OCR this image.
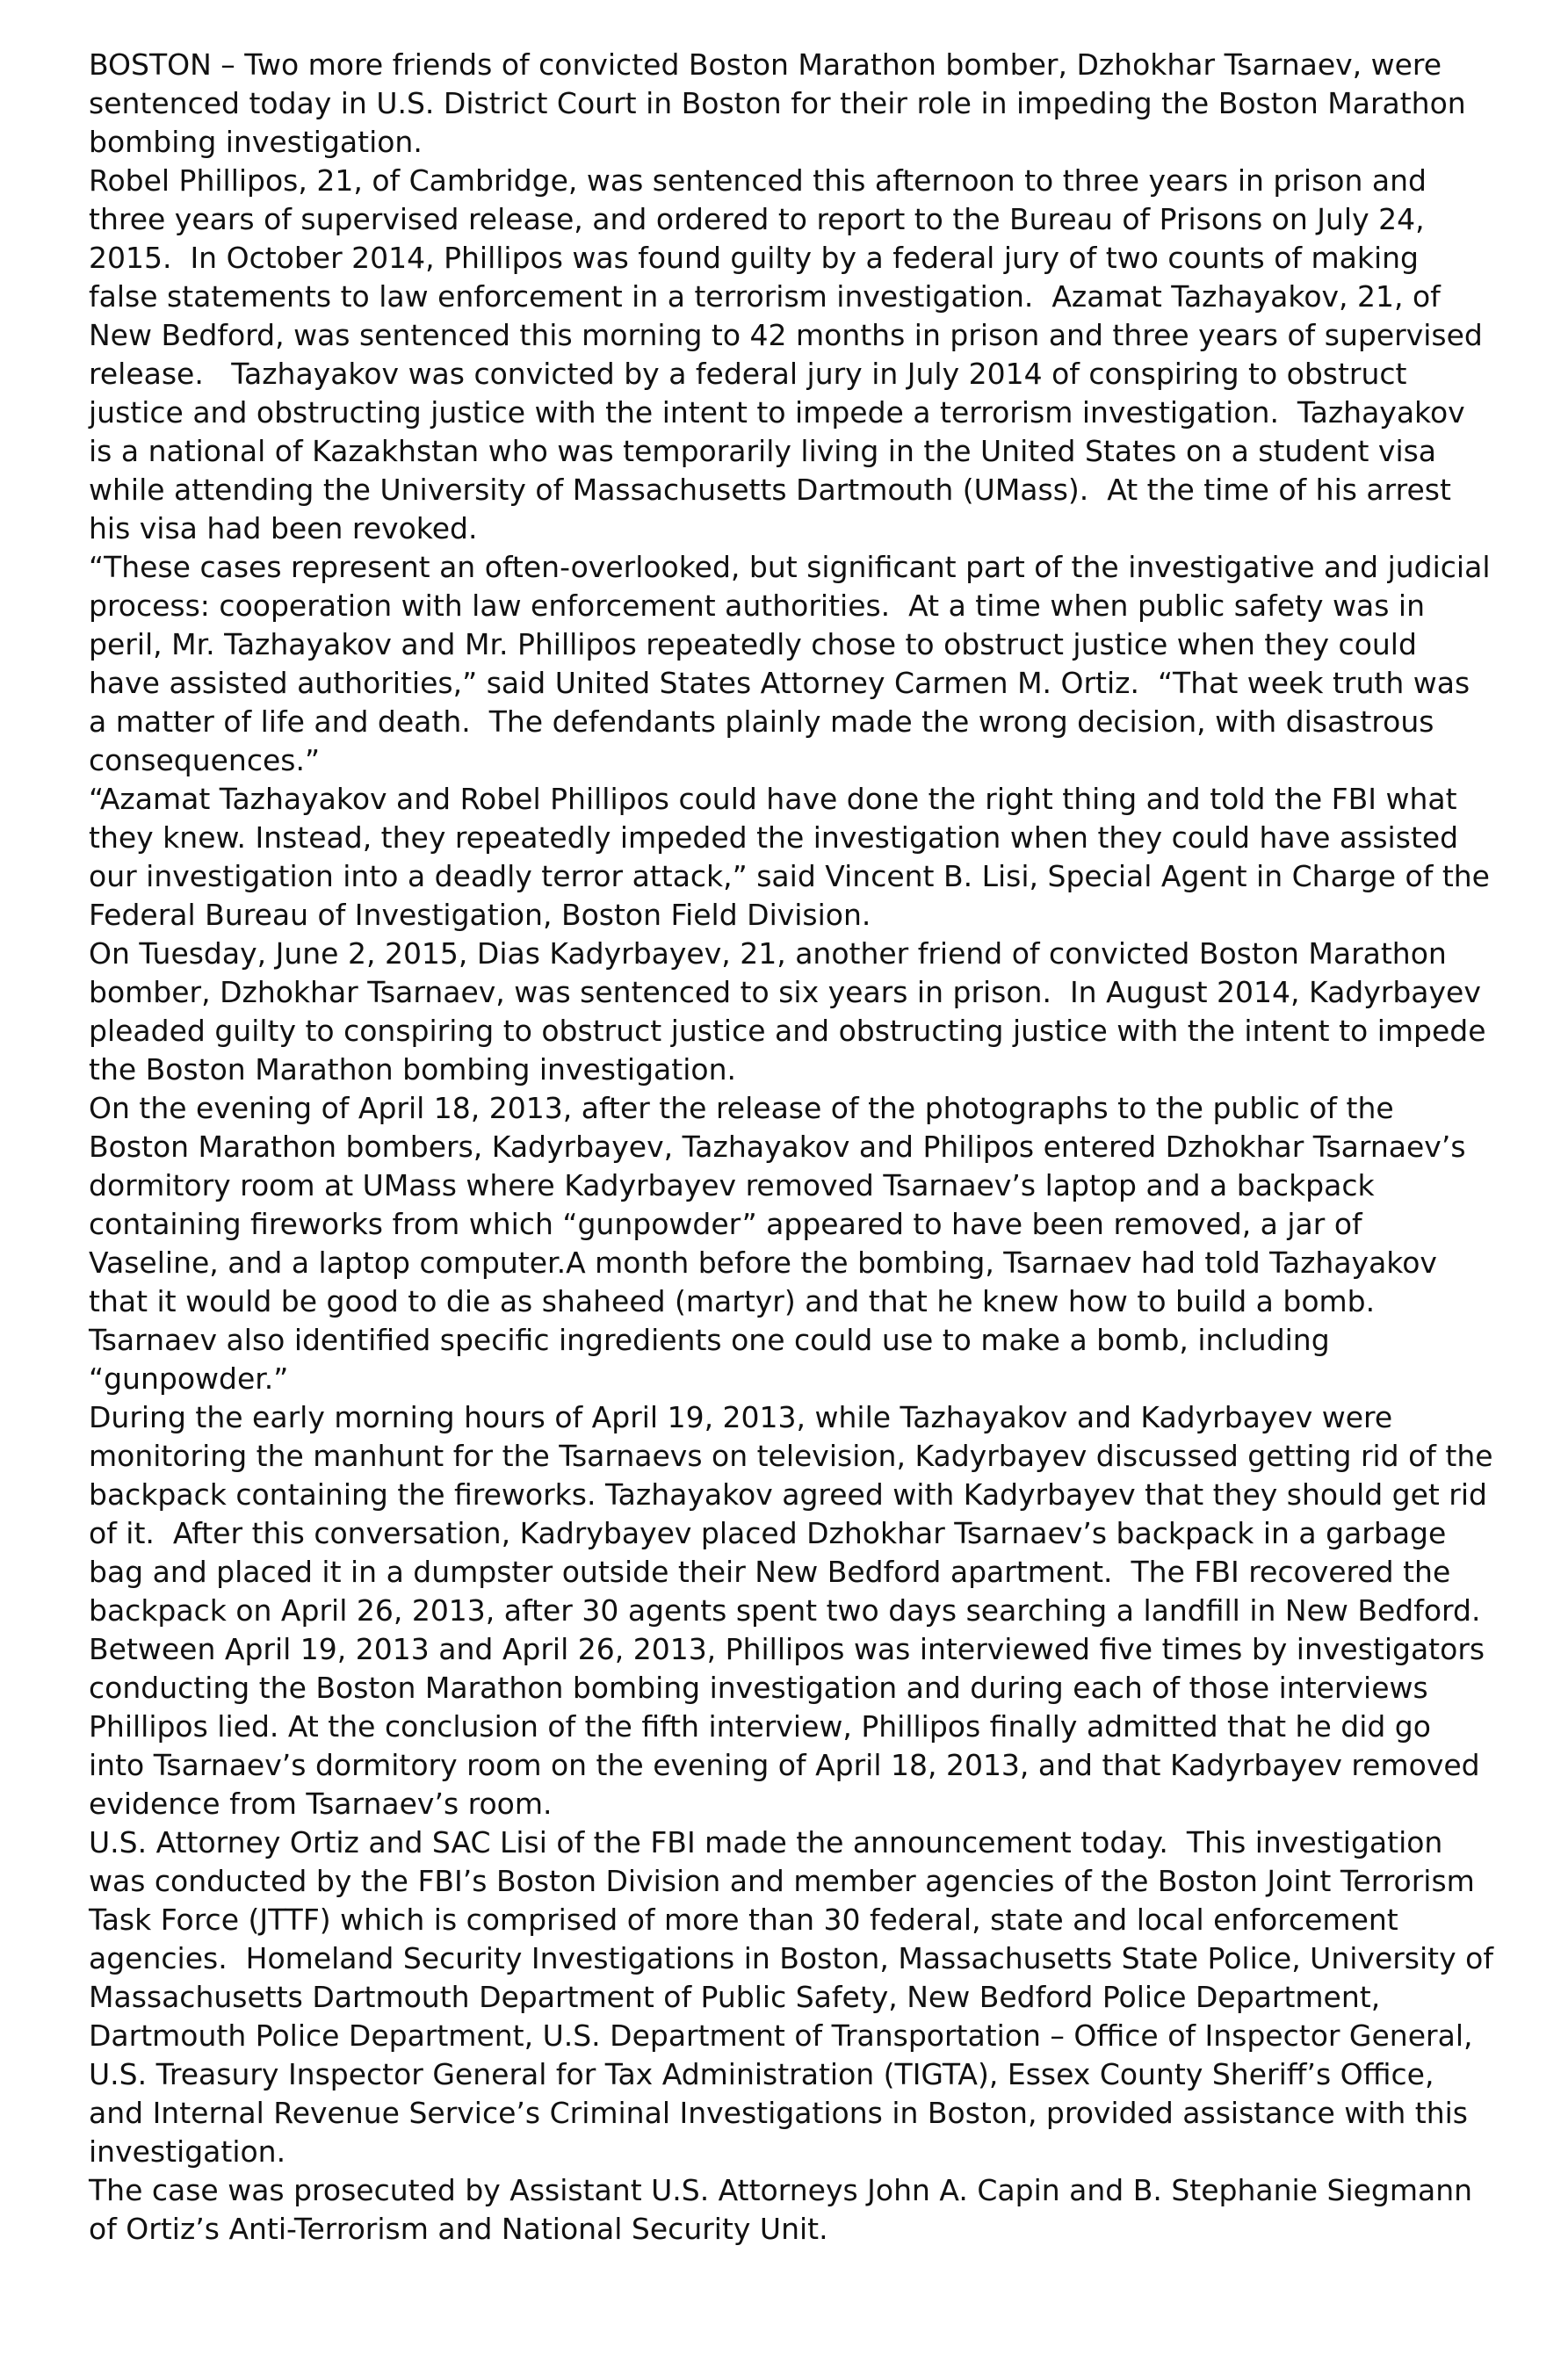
BOSTON – Two more friends of convicted Boston Marathon bomber, Dzhokhar Tsarnaev, were sentenced today in U.S. District Court in Boston for their role in impeding the Boston Marathon bombing investigation.

Robel Phillipos, 21, of Cambridge, was sentenced this afternoon to three years in prison and three years of supervised release, and ordered to report to the Bureau of Prisons on July 24, 2015.  In October 2014, Phillipos was found guilty by a federal jury of two counts of making false statements to law enforcement in a terrorism investigation.  Azamat Tazhayakov, 21, of New Bedford, was sentenced this morning to 42 months in prison and three years of supervised release.   Tazhayakov was convicted by a federal jury in July 2014 of conspiring to obstruct justice and obstructing justice with the intent to impede a terrorism investigation.  Tazhayakov is a national of Kazakhstan who was temporarily living in the United States on a student visa while attending the University of Massachusetts Dartmouth (UMass).  At the time of his arrest his visa had been revoked.

“These cases represent an often-overlooked, but significant part of the investigative and judicial process: cooperation with law enforcement authorities.  At a time when public safety was in peril, Mr. Tazhayakov and Mr. Phillipos repeatedly chose to obstruct justice when they could have assisted authorities,” said United States Attorney Carmen M. Ortiz.  “That week truth was a matter of life and death.  The defendants plainly made the wrong decision, with disastrous consequences.”

“Azamat Tazhayakov and Robel Phillipos could have done the right thing and told the FBI what they knew. Instead, they repeatedly impeded the investigation when they could have assisted our investigation into a deadly terror attack,” said Vincent B. Lisi, Special Agent in Charge of the Federal Bureau of Investigation, Boston Field Division.

On Tuesday, June 2, 2015, Dias Kadyrbayev, 21, another friend of convicted Boston Marathon bomber, Dzhokhar Tsarnaev, was sentenced to six years in prison.  In August 2014, Kadyrbayev pleaded guilty to conspiring to obstruct justice and obstructing justice with the intent to impede the Boston Marathon bombing investigation.

On the evening of April 18, 2013, after the release of the photographs to the public of the Boston Marathon bombers, Kadyrbayev, Tazhayakov and Philipos entered Dzhokhar Tsarnaev’s dormitory room at UMass where Kadyrbayev removed Tsarnaev’s laptop and a backpack containing fireworks from which “gunpowder” appeared to have been removed, a jar of Vaseline, and a laptop computer.A month before the bombing, Tsarnaev had told Tazhayakov that it would be good to die as shaheed (martyr) and that he knew how to build a bomb.  Tsarnaev also identified specific ingredients one could use to make a bomb, including “gunpowder.”

During the early morning hours of April 19, 2013, while Tazhayakov and Kadyrbayev were monitoring the manhunt for the Tsarnaevs on television, Kadyrbayev discussed getting rid of the backpack containing the fireworks. Tazhayakov agreed with Kadyrbayev that they should get rid of it.  After this conversation, Kadrybayev placed Dzhokhar Tsarnaev’s backpack in a garbage bag and placed it in a dumpster outside their New Bedford apartment.  The FBI recovered the backpack on April 26, 2013, after 30 agents spent two days searching a landfill in New Bedford.

Between April 19, 2013 and April 26, 2013, Phillipos was interviewed five times by investigators conducting the Boston Marathon bombing investigation and during each of those interviews Phillipos lied. At the conclusion of the fifth interview, Phillipos finally admitted that he did go into Tsarnaev’s dormitory room on the evening of April 18, 2013, and that Kadyrbayev removed evidence from Tsarnaev’s room.

U.S. Attorney Ortiz and SAC Lisi of the FBI made the announcement today.  This investigation was conducted by the FBI’s Boston Division and member agencies of the Boston Joint Terrorism Task Force (JTTF) which is comprised of more than 30 federal, state and local enforcement agencies.  Homeland Security Investigations in Boston, Massachusetts State Police, University of Massachusetts Dartmouth Department of Public Safety, New Bedford Police Department, Dartmouth Police Department, U.S. Department of Transportation – Office of Inspector General, U.S. Treasury Inspector General for Tax Administration (TIGTA), Essex County Sheriff’s Office, and Internal Revenue Service’s Criminal Investigations in Boston, provided assistance with this investigation.

The case was prosecuted by Assistant U.S. Attorneys John A. Capin and B. Stephanie Siegmann of Ortiz’s Anti-Terrorism and National Security Unit.
